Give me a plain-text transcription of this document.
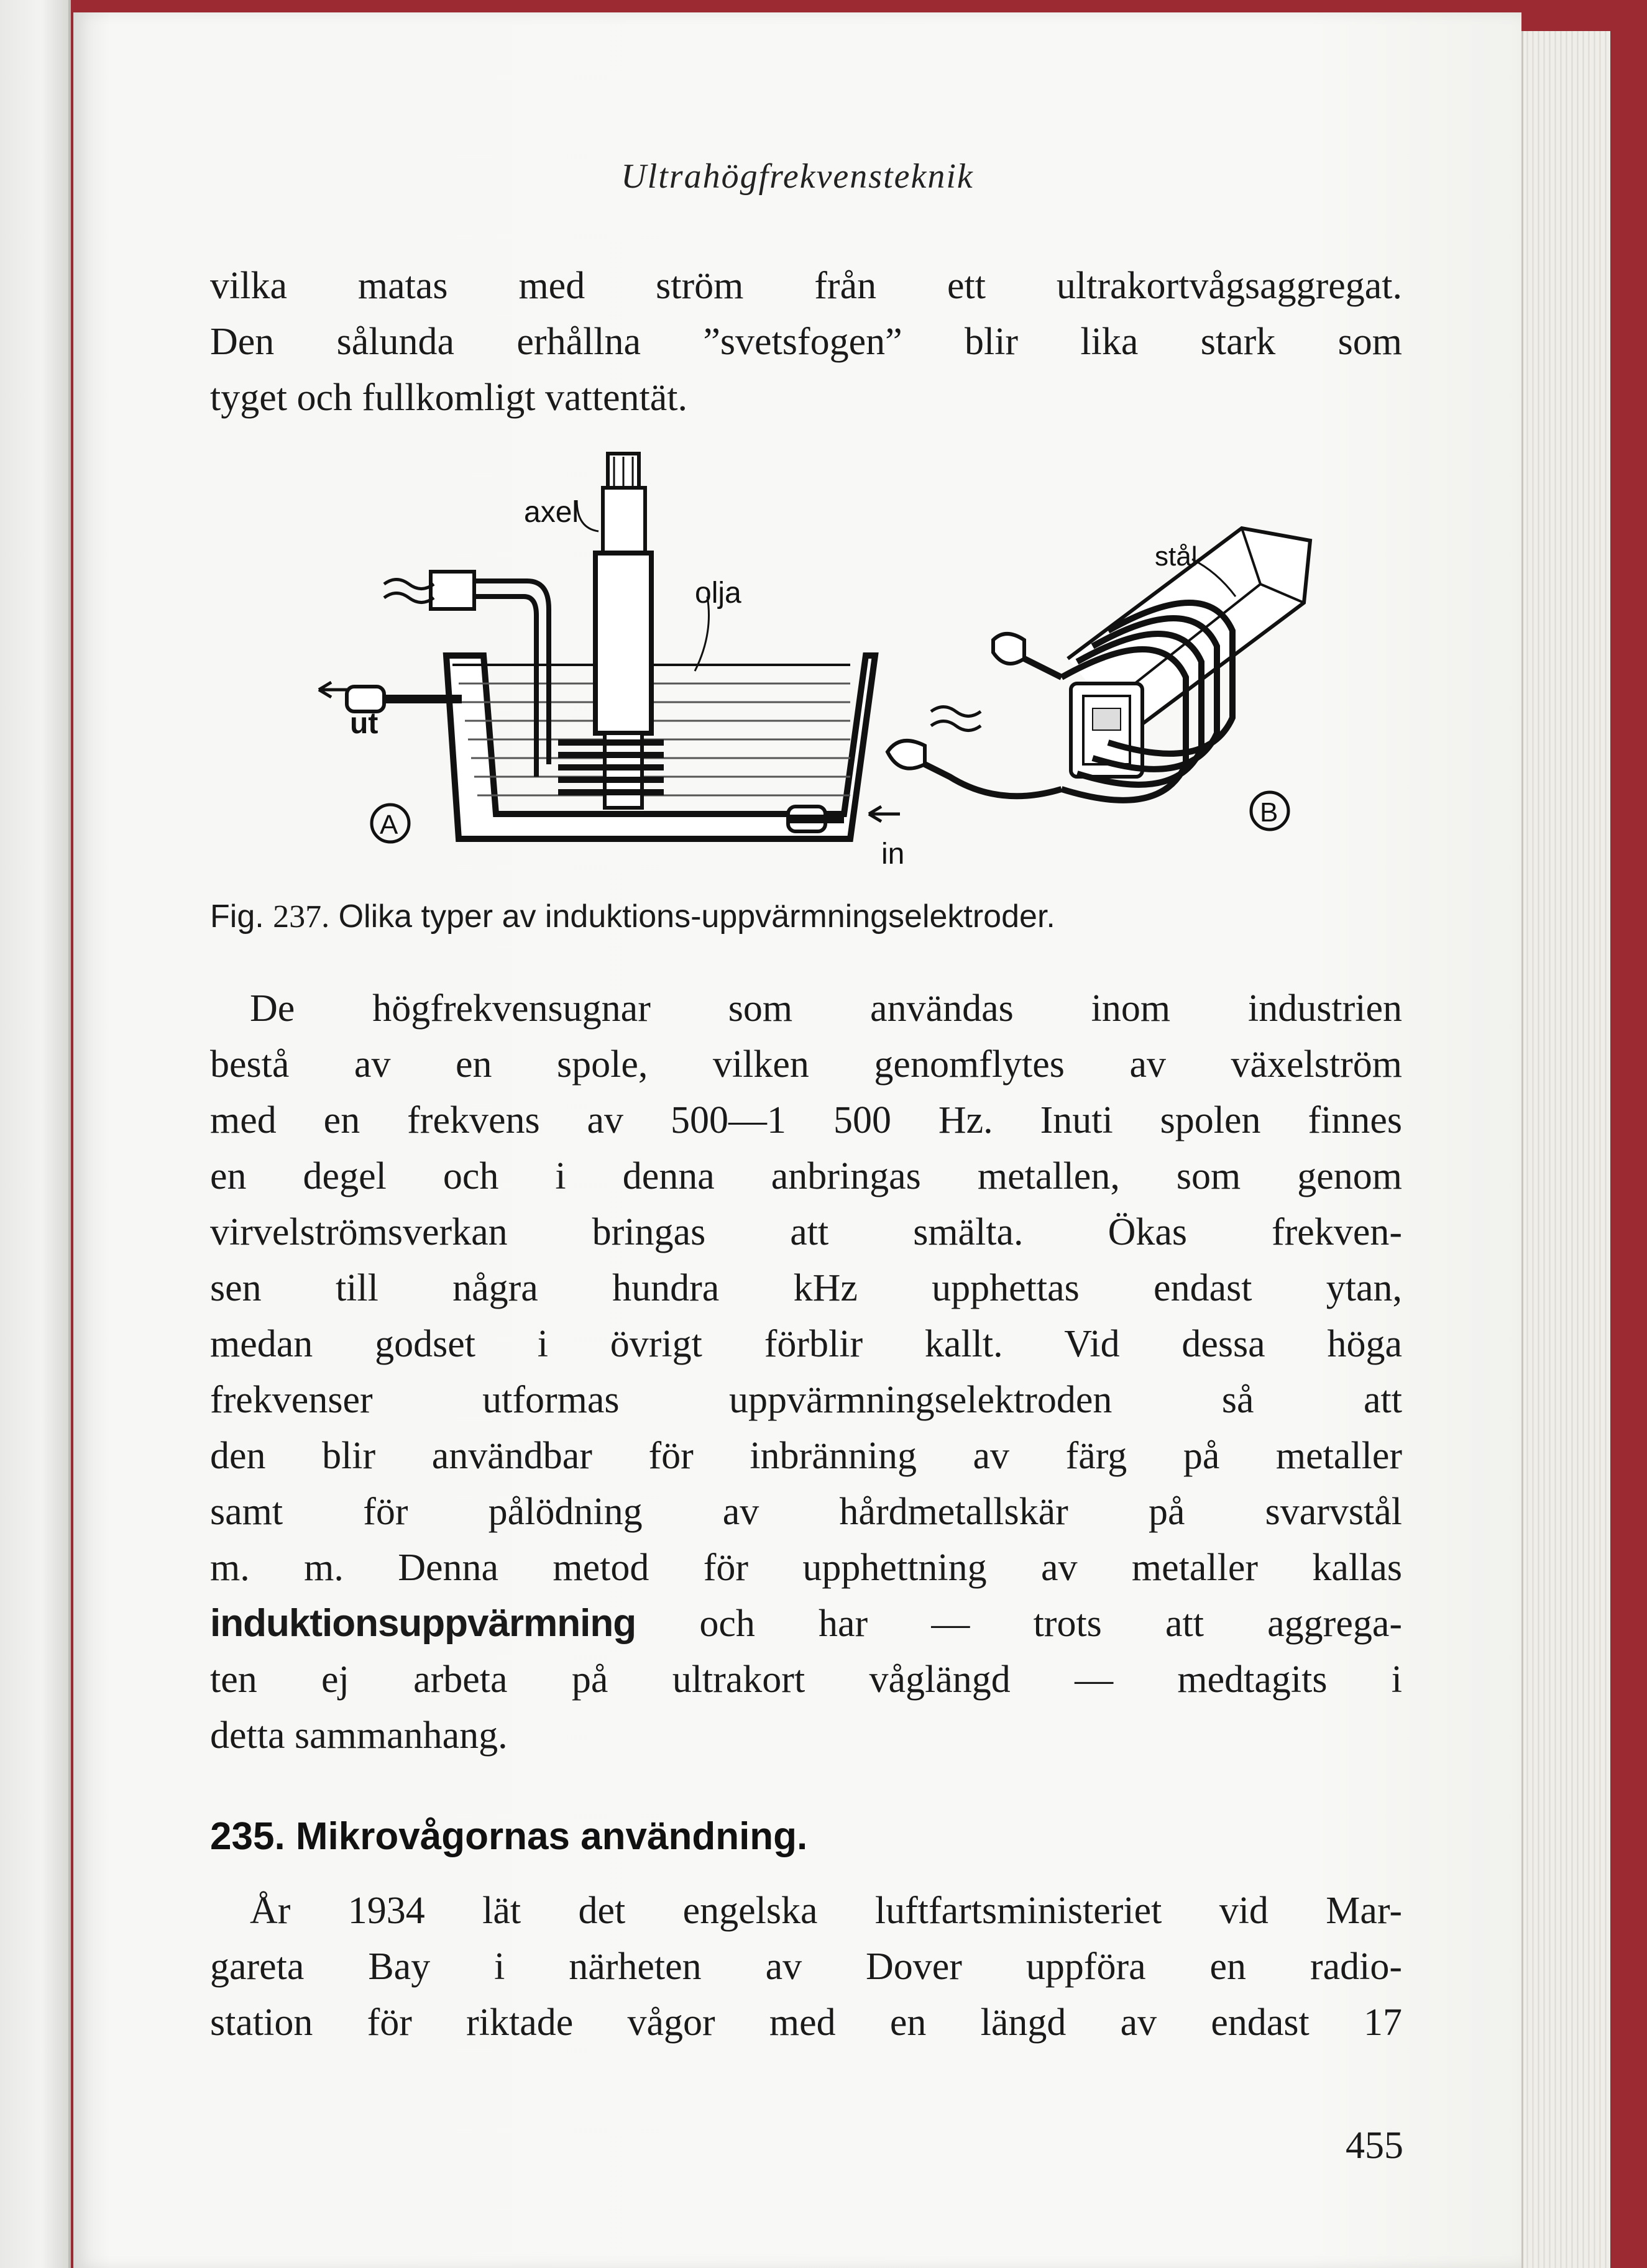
Ultrahögfrekvensteknik
vilka matas med ström från ett ultrakortvågsaggregat.
Den sålunda erhållna ”svetsfogen” blir lika stark som
tyget och fullkomligt vattentät.
axel
olja
ut
in
A
stål
B
Fig. 237. Olika typer av induktions-uppvärmningselektroder.
De högfrekvensugnar som användas inom industrien
bestå av en spole, vilken genomflytes av växelström
med en frekvens av 500—1 500 Hz. Inuti spolen finnes
en degel och i denna anbringas metallen, som genom
virvelströmsverkan bringas att smälta. Ökas frekven-
sen till några hundra kHz upphettas endast ytan,
medan godset i övrigt förblir kallt. Vid dessa höga
frekvenser utformas uppvärmningselektroden så att
den blir användbar för inbränning av färg på metaller
samt för pålödning av hårdmetallskär på svarvstål
m. m. Denna metod för upphettning av metaller kallas
induktionsuppvärmning och har — trots att aggrega-
ten ej arbeta på ultrakort våglängd — medtagits i
detta sammanhang.
235. Mikrovågornas användning.
År 1934 lät det engelska luftfartsministeriet vid Mar-
gareta Bay i närheten av Dover uppföra en radio-
station för riktade vågor med en längd av endast 17
455
